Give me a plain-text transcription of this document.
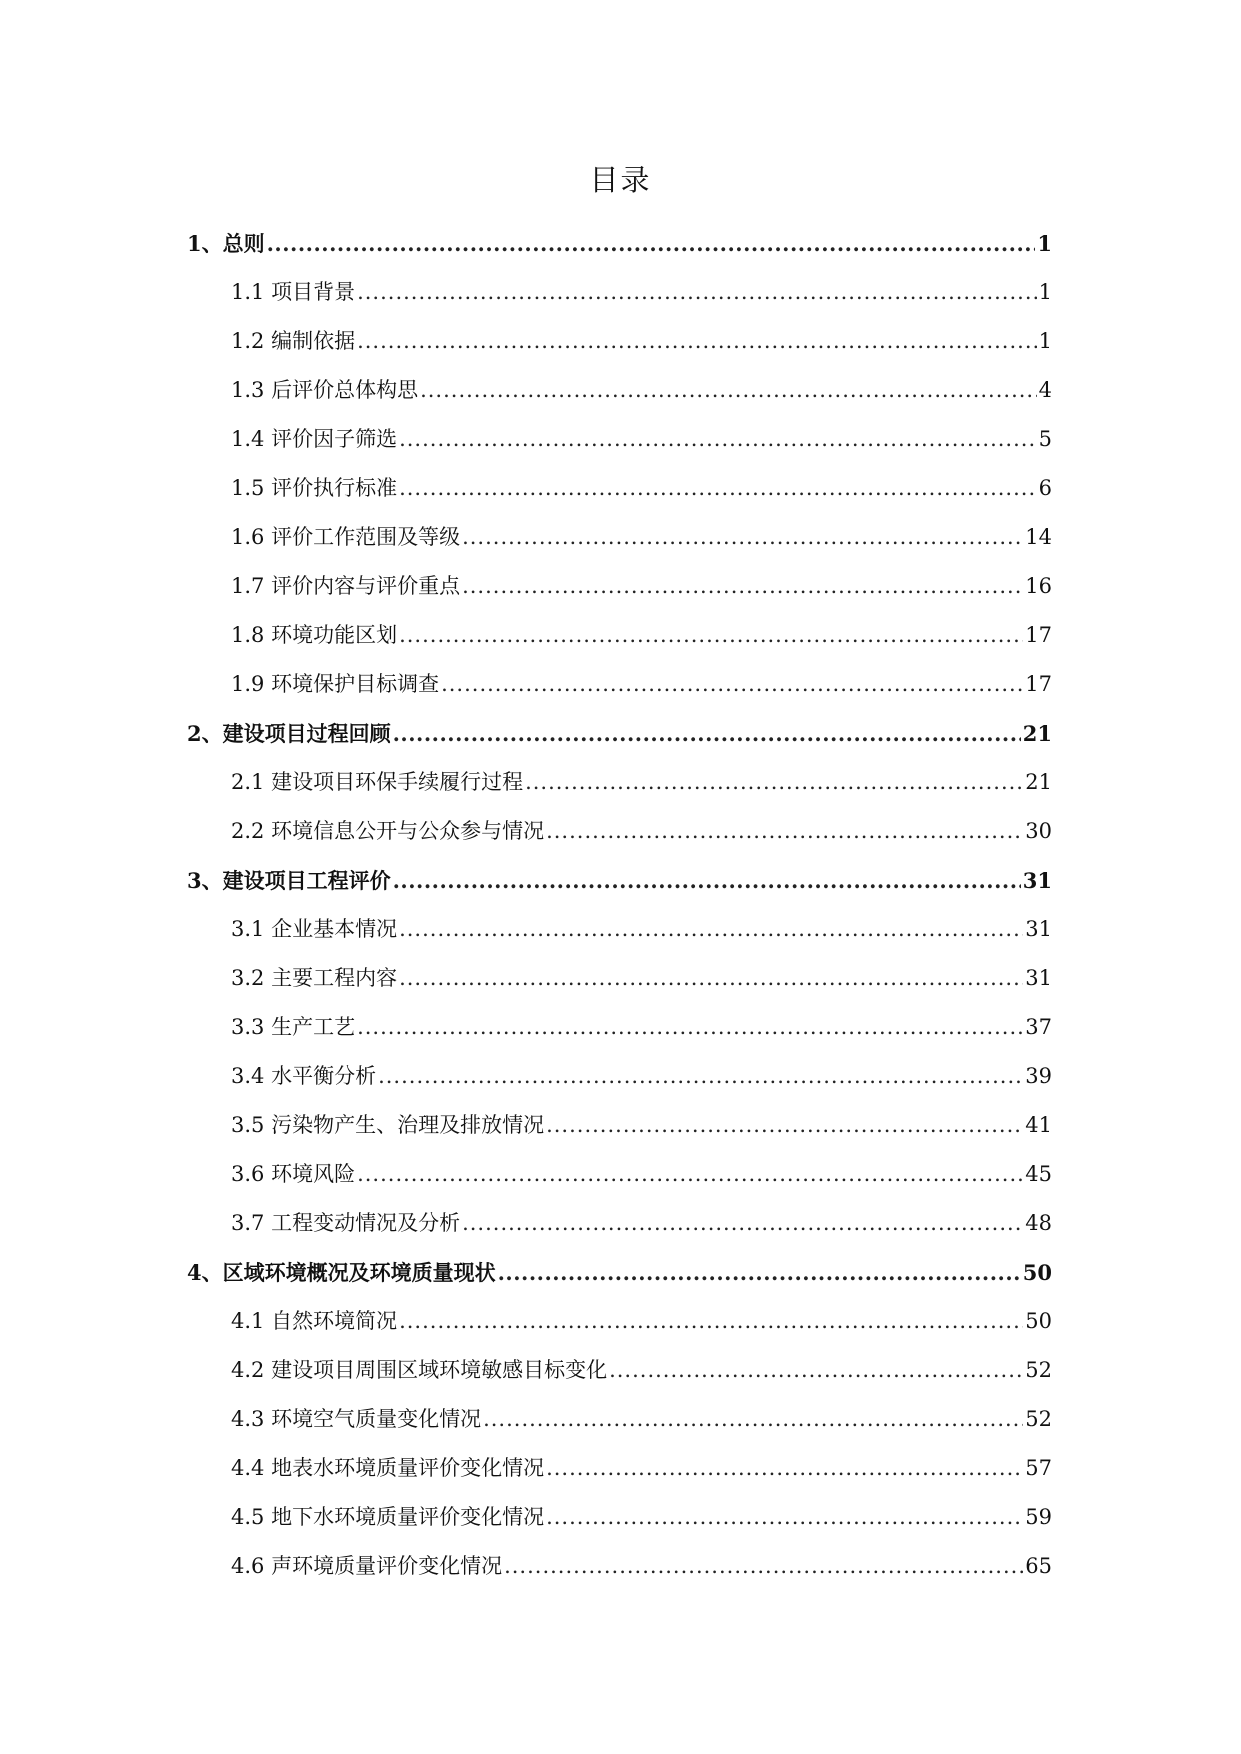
目录
1、总则 .....	1
1.1 项目背景 .....	1
1.2 编制依据 .....	1
1.3 后评价总体构思 .....	4
1.4 评价因子筛选 .....	5
1.5 评价执行标准 .....	6
1.6 评价工作范围及等级 .....	14
1.7 评价内容与评价重点 .....	16
1.8 环境功能区划 .....	17
1.9 环境保护目标调查 .....	17
2、建设项目过程回顾 .....	21
2.1 建设项目环保手续履行过程 .....	21
2.2 环境信息公开与公众参与情况 .....	30
3、建设项目工程评价 .....	31
3.1 企业基本情况 .....	31
3.2 主要工程内容 .....	31
3.3 生产工艺 .....	37
3.4 水平衡分析 .....	39
3.5 污染物产生、治理及排放情况 .....	41
3.6 环境风险 .....	45
3.7 工程变动情况及分析 .....	48
4、区域环境概况及环境质量现状 .....	50
4.1 自然环境简况 .....	50
4.2 建设项目周围区域环境敏感目标变化 .....	52
4.3 环境空气质量变化情况 .....	52
4.4 地表水环境质量评价变化情况 .....	57
4.5 地下水环境质量评价变化情况 .....	59
4.6 声环境质量评价变化情况 .....	65
